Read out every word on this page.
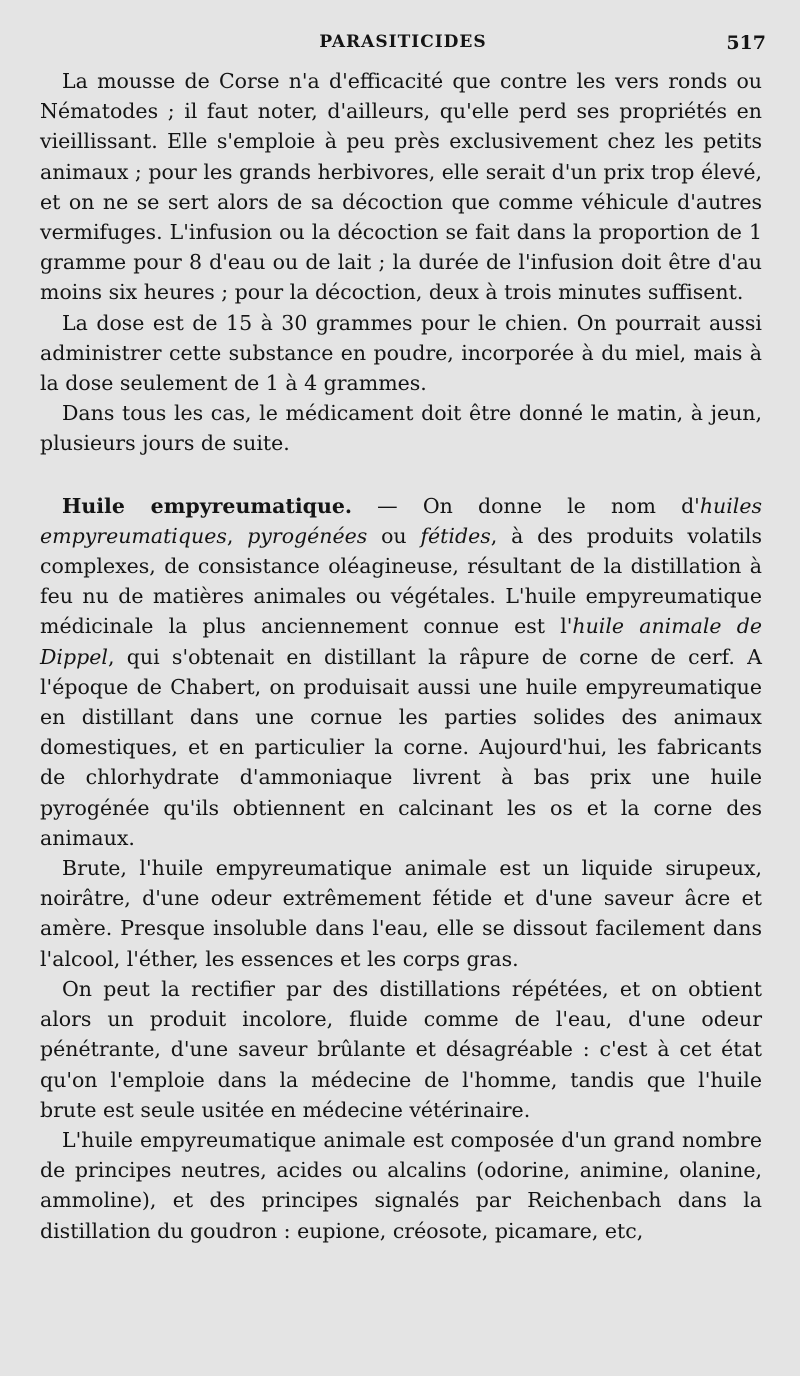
PARASITICIDES	517

La mousse de Corse n'a d'efficacité que contre les vers ronds ou Nématodes ; il faut noter, d'ailleurs, qu'elle perd ses propriétés en vieillissant. Elle s'emploie à peu près exclusivement chez les petits animaux ; pour les grands herbivores, elle serait d'un prix trop élevé, et on ne se sert alors de sa décoction que comme véhicule d'autres vermifuges. L'infusion ou la décoction se fait dans la proportion de 1 gramme pour 8 d'eau ou de lait ; la durée de l'infusion doit être d'au moins six heures ; pour la décoction, deux à trois minutes suffisent.

La dose est de 15 à 30 grammes pour le chien. On pourrait aussi administrer cette substance en poudre, incorporée à du miel, mais à la dose seulement de 1 à 4 grammes.

Dans tous les cas, le médicament doit être donné le matin, à jeun, plusieurs jours de suite.

Huile empyreumatique. — On donne le nom d'huiles empyreumatiques, pyrogénées ou fétides, à des produits volatils complexes, de consistance oléagineuse, résultant de la distillation à feu nu de matières animales ou végétales. L'huile empyreumatique médicinale la plus anciennement connue est l'huile animale de Dippel, qui s'obtenait en distillant la râpure de corne de cerf. A l'époque de Chabert, on produisait aussi une huile empyreumatique en distillant dans une cornue les parties solides des animaux domestiques, et en particulier la corne. Aujourd'hui, les fabricants de chlorhydrate d'ammoniaque livrent à bas prix une huile pyrogénée qu'ils obtiennent en calcinant les os et la corne des animaux.

Brute, l'huile empyreumatique animale est un liquide sirupeux, noirâtre, d'une odeur extrêmement fétide et d'une saveur âcre et amère. Presque insoluble dans l'eau, elle se dissout facilement dans l'alcool, l'éther, les essences et les corps gras.

On peut la rectifier par des distillations répétées, et on obtient alors un produit incolore, fluide comme de l'eau, d'une odeur pénétrante, d'une saveur brûlante et désagréable : c'est à cet état qu'on l'emploie dans la médecine de l'homme, tandis que l'huile brute est seule usitée en médecine vétérinaire.

L'huile empyreumatique animale est composée d'un grand nombre de principes neutres, acides ou alcalins (odorine, animine, olanine, ammoline), et des principes signalés par Reichenbach dans la distillation du goudron : eupione, créosote, picamare, etc,
